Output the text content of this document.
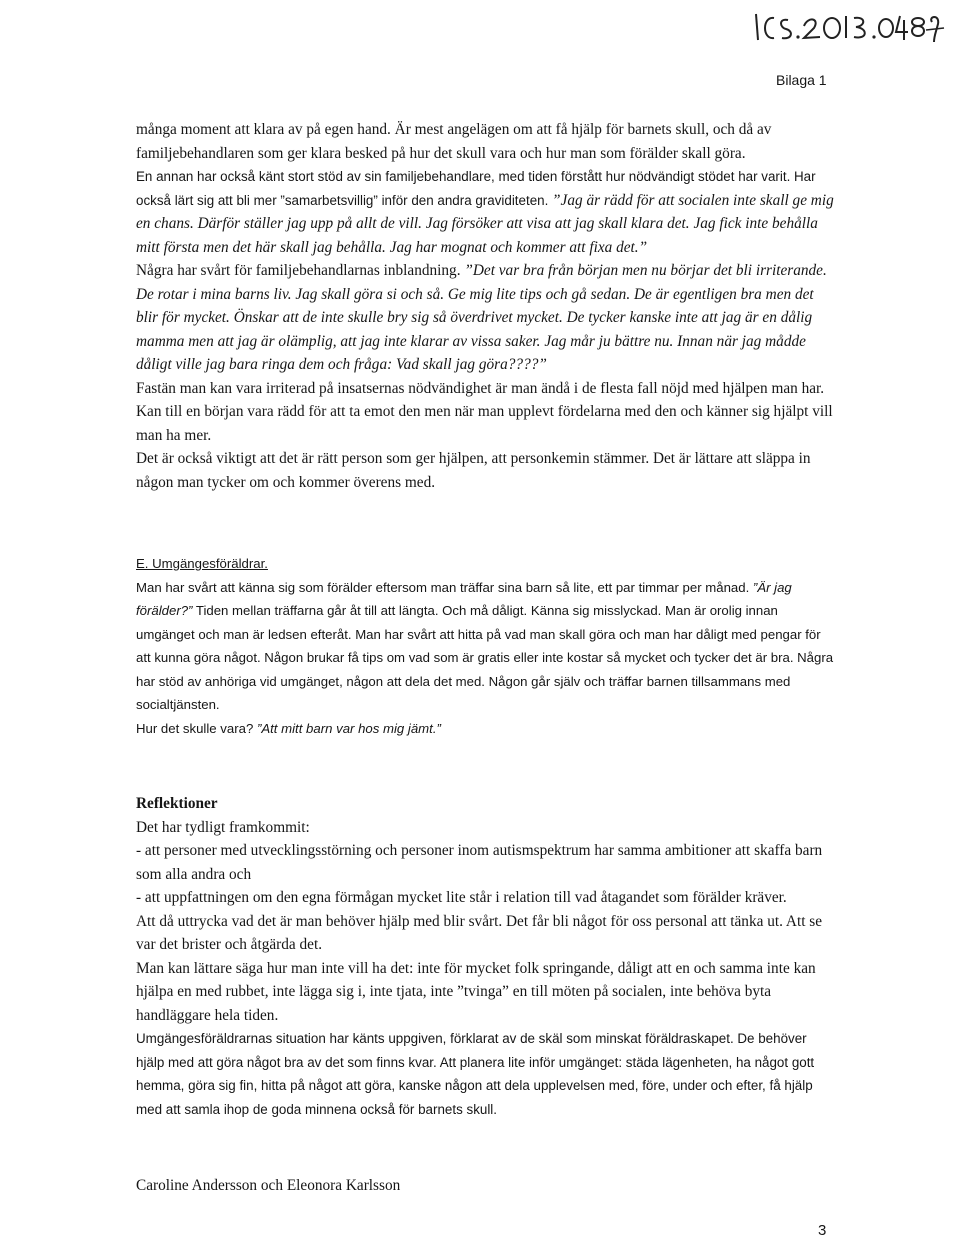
Bilaga 1

många moment att klara av på egen hand. Är mest angelägen om att få hjälp för barnets skull, och då av familjebehandlaren som ger klara besked på hur det skull vara och hur man som förälder skall göra.

En annan har också känt stort stöd av sin familjebehandlare, med tiden förstått hur nödvändigt stödet har varit. Har också lärt sig att bli mer ”samarbetsvillig” inför den andra graviditeten. ”Jag är rädd för att socialen inte skall ge mig en chans. Därför ställer jag upp på allt de vill. Jag försöker att visa att jag skall klara det. Jag fick inte behålla mitt första men det här skall jag behålla. Jag har mognat och kommer att fixa det.”

Några har svårt för familjebehandlarnas inblandning. ”Det var bra från början men nu börjar det bli irriterande. De rotar i mina barns liv. Jag skall göra si och så. Ge mig lite tips och gå sedan. De är egentligen bra men det blir för mycket. Önskar att de inte skulle bry sig så överdrivet mycket. De tycker kanske inte att jag är en dålig mamma men att jag är olämplig, att jag inte klarar av vissa saker. Jag mår ju bättre nu. Innan när jag mådde dåligt ville jag bara ringa dem och fråga: Vad skall jag göra????”

Fastän man kan vara irriterad på insatsernas nödvändighet är man ändå i de flesta fall nöjd med hjälpen man har. Kan till en början vara rädd för att ta emot den men när man upplevt fördelarna med den och känner sig hjälpt vill man ha mer.

Det är också viktigt att det är rätt person som ger hjälpen, att personkemin stämmer. Det är lättare att släppa in någon man tycker om och kommer överens med.

E. Umgängesföräldrar.

Man har svårt att känna sig som förälder eftersom man träffar sina barn så lite, ett par timmar per månad. ”Är jag förälder?” Tiden mellan träffarna går åt till att längta. Och må dåligt. Känna sig misslyckad. Man är orolig innan umgänget och man är ledsen efteråt. Man har svårt att hitta på vad man skall göra och man har dåligt med pengar för att kunna göra något. Någon brukar få tips om vad som är gratis eller inte kostar så mycket och tycker det är bra. Några har stöd av anhöriga vid umgänget, någon att dela det med. Någon går själv och träffar barnen tillsammans med socialtjänsten.

Hur det skulle vara? ”Att mitt barn var hos mig jämt.”

Reflektioner

Det har tydligt framkommit:

- att personer med utvecklingsstörning och personer inom autismspektrum har samma ambitioner att skaffa barn som alla andra och

- att uppfattningen om den egna förmågan mycket lite står i relation till vad åtagandet som förälder kräver.

Att då uttrycka vad det är man behöver hjälp med blir svårt. Det får bli något för oss personal att tänka ut. Att se var det brister och åtgärda det.

Man kan lättare säga hur man inte vill ha det: inte för mycket folk springande, dåligt att en och samma inte kan hjälpa en med rubbet, inte lägga sig i, inte tjata, inte ”tvinga” en till möten på socialen, inte behöva byta handläggare hela tiden.

Umgängesföräldrarnas situation har känts uppgiven, förklarat av de skäl som minskat föräldraskapet. De behöver hjälp med att göra något bra av det som finns kvar. Att planera lite inför umgänget: städa lägenheten, ha något gott hemma, göra sig fin, hitta på något att göra, kanske någon att dela upplevelsen med, före, under och efter, få hjälp med att samla ihop de goda minnena också för barnets skull.

Caroline Andersson och Eleonora Karlsson

3
